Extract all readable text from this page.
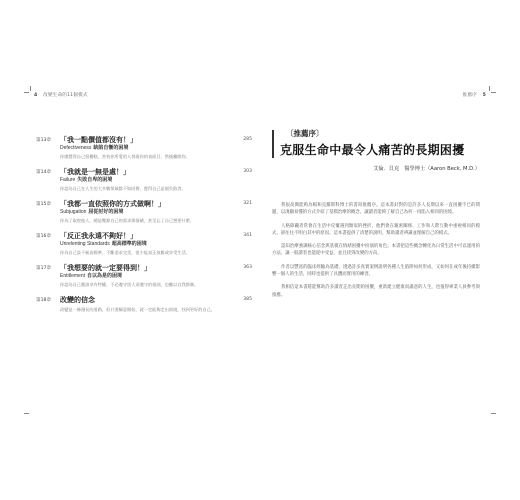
4 改變生命的11個模式
第13章	285
「我一點價值都沒有！」
Defectiveness 缺陷自慚的困境
你總覺得自己很糟糕，害怕你所愛的人發現你的真面目，然後離開你。
第14章	303
「我就是一無是處！」
Failure 失敗自卑的困境
你認為自己在人生的大多數領域都不如同儕，覺得自己是個失敗者。
第15章	321
「我都一直依照你的方式做啊！」
Subjugation 屈從討好的困境
你為了取悅他人，總是壓抑自己的需求與情緒，甚至忘了自己想要什麼。
第16章	341
「反正我永遠不夠好！」
Unrelenting Standards 超高標準的困境
你為自己設下極高標準，不斷追求完美，很少能真正放鬆或享受生活。
第17章	363
「我想要的就一定要得到！」
Entitlement 自以為是的困境
你認為自己應該享有特權，不必遵守別人須遵守的規則，也難以自我節制。
第18章	385
改變的信念
改變是一條漫長的道路，但只要願意開始，就一定能夠走出困境，找到更好的自己。
推薦序 5
〔推薦序〕
克服生命中最令人痛苦的長期困擾
艾倫．貝克　醫學博士（Aaron Beck, M.D.）

我很高興能夠為楊和克羅斯科博士的書寫推薦序。這本書針對的是許多人長期以來一直困擾不已的問題，以淺顯易懂的方式介紹了基模治療的概念，讓讀者能夠了解自己為何一再陷入相同的困境。

人格障礙者常會在生活中反覆遇到類似的挫折，他們會在親密關係、工作和人際互動中重複相同的模式，卻往往不明白其中的原因。這本書提供了清楚的說明，幫助讀者辨識並理解自己的模式。

認知治療強調核心信念與基模在情緒困擾中扮演的角色。本書把這些概念轉化為日常生活中可以運用的方法，讓一般讀者也能從中受益，並且找到改變的方向。

作者以豐富的臨床經驗為基礎，透過許多真實案例說明各種人生陷阱如何形成，又如何在成年後持續影響一個人的生活，同時也提供了具體而實用的練習。

我相信這本書將能幫助許多讀者走出長期的困擾，重新建立健康而滿意的人生，也值得專業人員參考與推薦。
